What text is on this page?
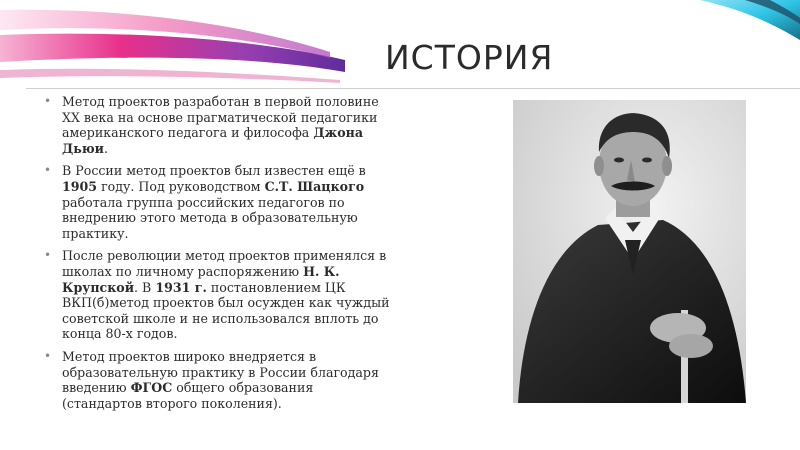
ИСТОРИЯ
• Метод проектов разработан в первой половине XX века на основе прагматической педагогики американского педагога и философа Джона Дьюи.
• В России метод проектов был известен ещё в 1905 году. Под руководством С.Т. Шацкого работала группа российских педагогов по внедрению этого метода в образовательную практику.
• После революции метод проектов применялся в школах по личному распоряжению Н. К. Крупской. В 1931 г. постановлением ЦК ВКП(б)метод проектов был осужден как чуждый советской школе и не использовался вплоть до конца 80-х годов.
• Метод проектов широко внедряется в образовательную практику в России благодаря введению ФГОС общего образования (стандартов второго поколения).
